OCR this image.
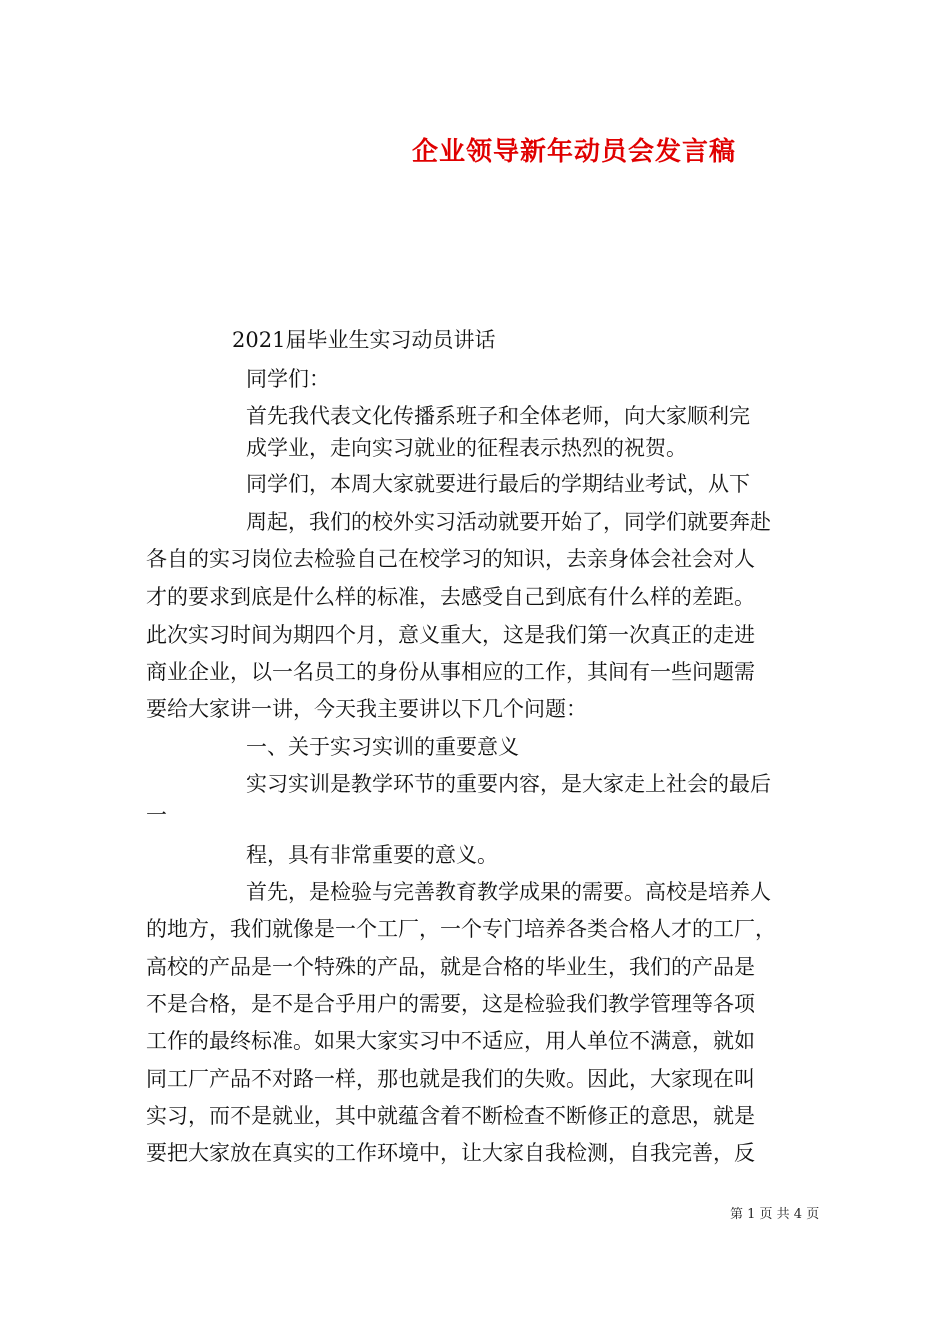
企业领导新年动员会发言稿
2021届毕业生实习动员讲话
同学们：
首先我代表文化传播系班子和全体老师，向大家顺利完
成学业，走向实习就业的征程表示热烈的祝贺。
同学们，本周大家就要进行最后的学期结业考试，从下
周起，我们的校外实习活动就要开始了，同学们就要奔赴
各自的实习岗位去检验自己在校学习的知识，去亲身体会社会对人
才的要求到底是什么样的标准，去感受自己到底有什么样的差距。
此次实习时间为期四个月，意义重大，这是我们第一次真正的走进
商业企业，以一名员工的身份从事相应的工作，其间有一些问题需
要给大家讲一讲，今天我主要讲以下几个问题：
一、关于实习实训的重要意义
实习实训是教学环节的重要内容，是大家走上社会的最后
一
程，具有非常重要的意义。
首先，是检验与完善教育教学成果的需要。高校是培养人
的地方，我们就像是一个工厂，一个专门培养各类合格人才的工厂，
高校的产品是一个特殊的产品，就是合格的毕业生，我们的产品是
不是合格，是不是合乎用户的需要，这是检验我们教学管理等各项
工作的最终标准。如果大家实习中不适应，用人单位不满意，就如
同工厂产品不对路一样，那也就是我们的失败。因此，大家现在叫
实习，而不是就业，其中就蕴含着不断检查不断修正的意思，就是
要把大家放在真实的工作环境中，让大家自我检测，自我完善，反
第 1 页 共 4 页
